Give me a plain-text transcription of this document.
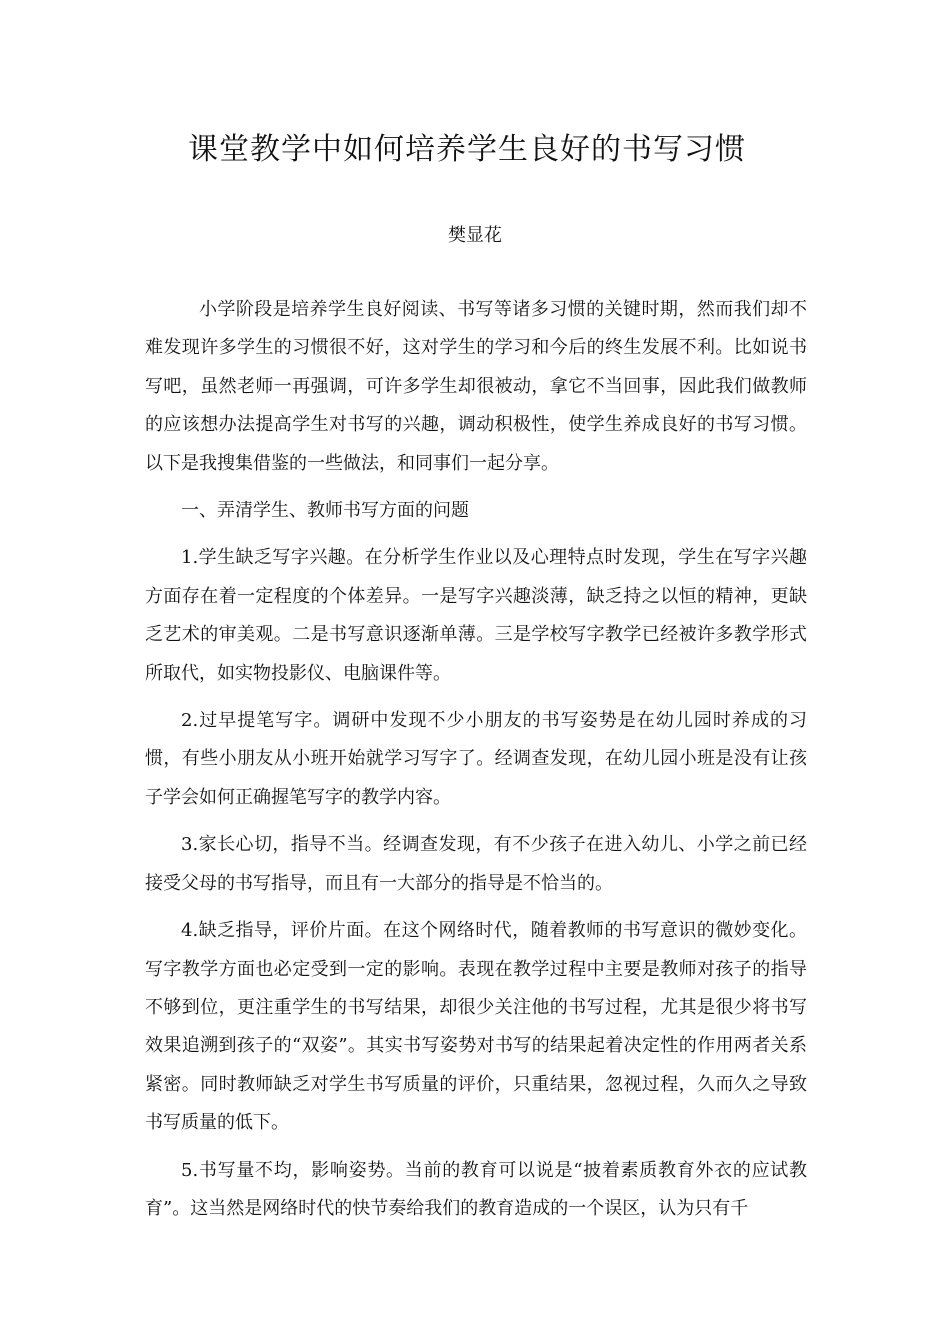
课堂教学中如何培养学生良好的书写习惯
樊显花

小学阶段是培养学生良好阅读、书写等诸多习惯的关键时期，然而我们却不难发现许多学生的习惯很不好，这对学生的学习和今后的终生发展不利。比如说书写吧，虽然老师一再强调，可许多学生却很被动，拿它不当回事，因此我们做教师的应该想办法提高学生对书写的兴趣，调动积极性，使学生养成良好的书写习惯。以下是我搜集借鉴的一些做法，和同事们一起分享。

一、弄清学生、教师书写方面的问题

1.学生缺乏写字兴趣。在分析学生作业以及心理特点时发现，学生在写字兴趣方面存在着一定程度的个体差异。一是写字兴趣淡薄，缺乏持之以恒的精神，更缺乏艺术的审美观。二是书写意识逐渐单薄。三是学校写字教学已经被许多教学形式所取代，如实物投影仪、电脑课件等。

2.过早提笔写字。调研中发现不少小朋友的书写姿势是在幼儿园时养成的习惯，有些小朋友从小班开始就学习写字了。经调查发现，在幼儿园小班是没有让孩子学会如何正确握笔写字的教学内容。

3.家长心切，指导不当。经调查发现，有不少孩子在进入幼儿、小学之前已经接受父母的书写指导，而且有一大部分的指导是不恰当的。

4.缺乏指导，评价片面。在这个网络时代，随着教师的书写意识的微妙变化。写字教学方面也必定受到一定的影响。表现在教学过程中主要是教师对孩子的指导不够到位，更注重学生的书写结果，却很少关注他的书写过程，尤其是很少将书写效果追溯到孩子的“双姿”。其实书写姿势对书写的结果起着决定性的作用两者关系紧密。同时教师缺乏对学生书写质量的评价，只重结果，忽视过程，久而久之导致书写质量的低下。

5.书写量不均，影响姿势。当前的教育可以说是“披着素质教育外衣的应试教育”。这当然是网络时代的快节奏给我们的教育造成的一个误区，认为只有千
